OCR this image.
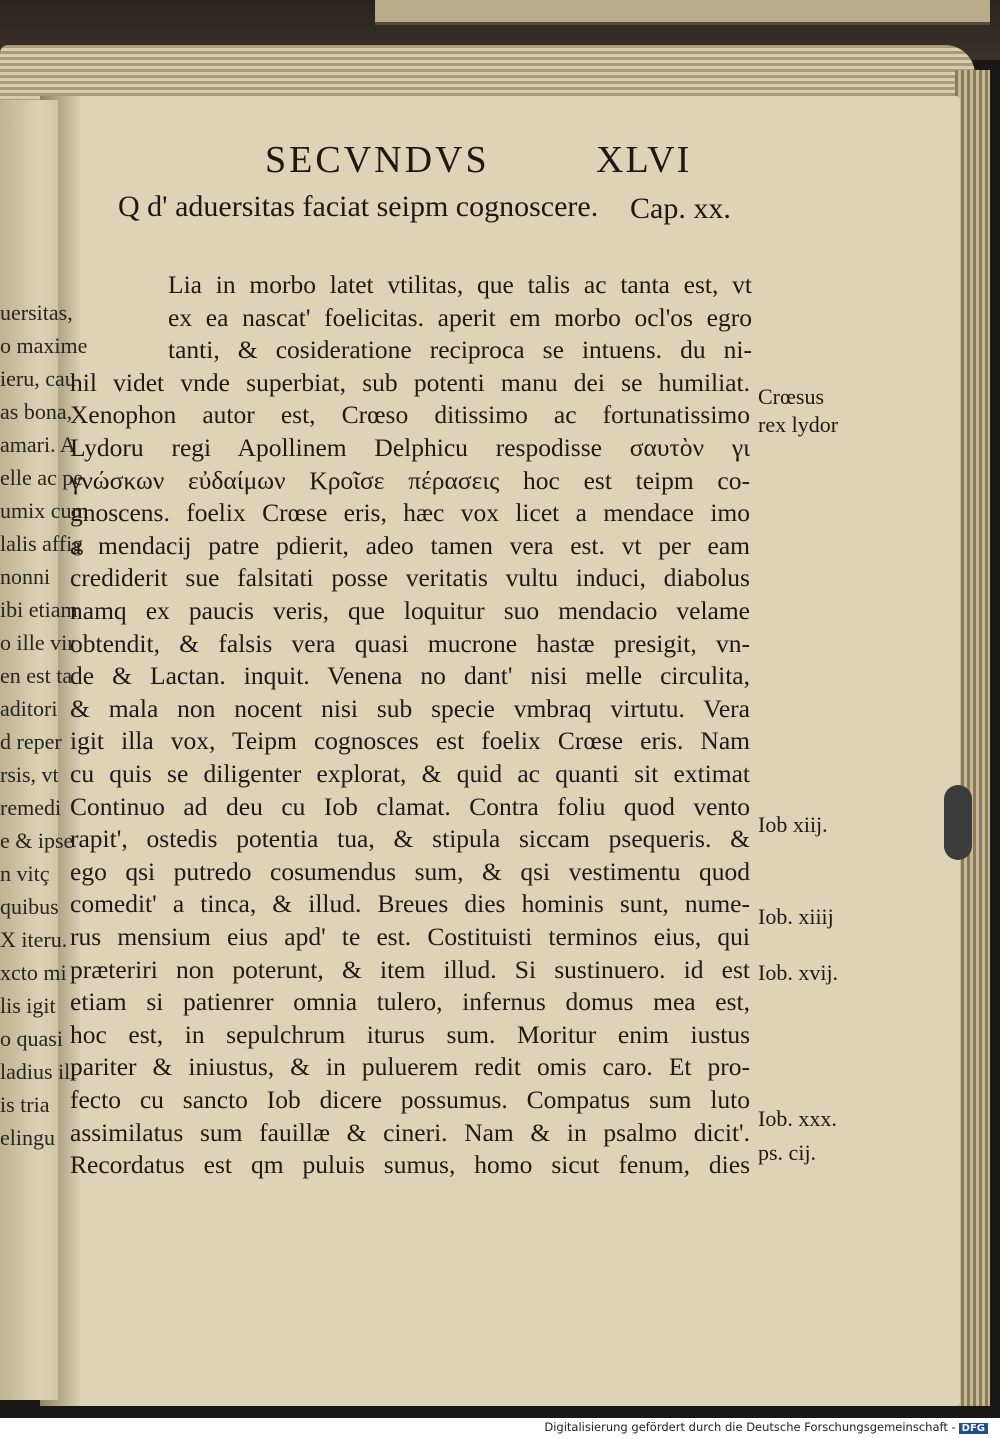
uersitas,
o maxime
ieru, cau
as bona,
amari. A
elle ac pe
umix cum
lalis affig
nonni
ibi etiam
o ille vir
en est ta
aditori
d reper
rsis, vt
remedi
e & ipse
n vitç
quibus
X iteru.
xcto mi
lis igit
o quasi
ladius ill
is tria
elingu
SECVNDVS	XLVI
Q d' aduersitas faciat seipm cognoscere. Cap. xx.
Lia in morbo latet vtilitas, que talis ac tanta est, vt
ex ea nascat' foelicitas. aperit em morbo ocl'os egro
tanti, & cosideratione reciproca se intuens. du ni-
hil videt vnde superbiat, sub potenti manu dei se humiliat.
Xenophon autor est, Crœso ditissimo ac fortunatissimo
Lydoru regi Apollinem Delphicu respodisse σαυτὸν γι
γνώσκων εὐδαίμων Κροῖσε πέρασεις hoc est teipm co-
gnoscens. foelix Crœse eris, hæc vox licet a mendace imo
a mendacij patre pdierit, adeo tamen vera est. vt per eam
crediderit sue falsitati posse veritatis vultu induci, diabolus
namq ex paucis veris, que loquitur suo mendacio velame
obtendit, & falsis vera quasi mucrone hastæ presigit, vn-
de & Lactan. inquit. Venena no dant' nisi melle circulita,
& mala non nocent nisi sub specie vmbraq virtutu. Vera
igit illa vox, Teipm cognosces est foelix Crœse eris. Nam
cu quis se diligenter explorat, & quid ac quanti sit extimat
Continuo ad deu cu Iob clamat. Contra foliu quod vento
rapit', ostedis potentia tua, & stipula siccam psequeris. &
ego qsi putredo cosumendus sum, & qsi vestimentu quod
comedit' a tinca, & illud. Breues dies hominis sunt, nume-
rus mensium eius apd' te est. Costituisti terminos eius, qui
præteriri non poterunt, & item illud. Si sustinuero. id est
etiam si patienrer omnia tulero, infernus domus mea est,
hoc est, in sepulchrum iturus sum. Moritur enim iustus
pariter & iniustus, & in puluerem redit omis caro. Et pro-
fecto cu sancto Iob dicere possumus. Compatus sum luto
assimilatus sum fauillæ & cineri. Nam & in psalmo dicit'.
Recordatus est qm puluis sumus, homo sicut fenum, dies
Crœsus
rex lydor
Iob xiij.
Iob. xiiij
Iob. xvij.
Iob. xxx.
ps. cij.
Digitalisierung gefördert durch die Deutsche Forschungsgemeinschaft - DFG
